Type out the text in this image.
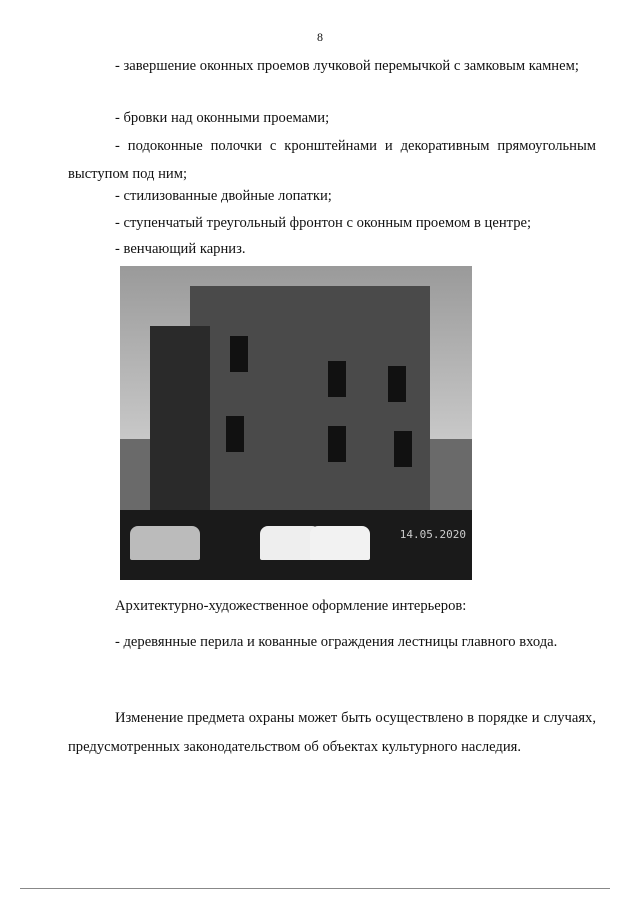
8
- завершение оконных проемов лучковой перемычкой с замковым камнем;
- бровки над оконными проемами;
- подоконные полочки с кронштейнами и декоративным прямоугольным выступом под ним;
- стилизованные двойные лопатки;
- ступенчатый треугольный фронтон с оконным проемом в центре;
- венчающий карниз.
14.05.2020
Архитектурно-художественное оформление интерьеров:
- деревянные перила и кованные ограждения лестницы главного входа.
Изменение предмета охраны может быть осуществлено в порядке и случаях, предусмотренных законодательством об объектах культурного наследия.
